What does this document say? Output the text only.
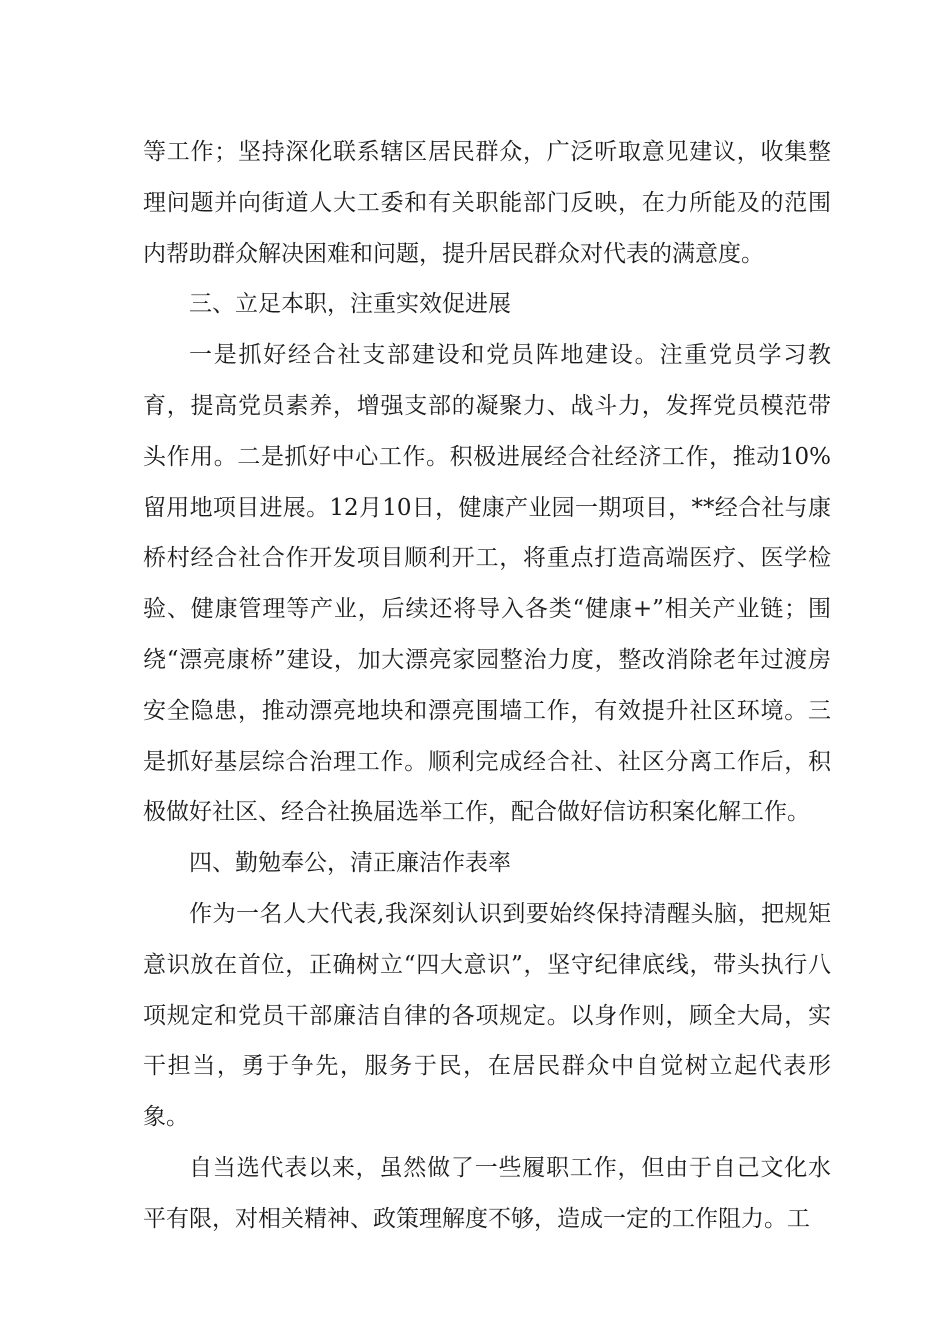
等工作；坚持深化联系辖区居民群众，广泛听取意见建议，收集整理问题并向街道人大工委和有关职能部门反映，在力所能及的范围内帮助群众解决困难和问题，提升居民群众对代表的满意度。

三、立足本职，注重实效促进展

一是抓好经合社支部建设和党员阵地建设。注重党员学习教育，提高党员素养，增强支部的凝聚力、战斗力，发挥党员模范带头作用。二是抓好中心工作。积极进展经合社经济工作，推动10%留用地项目进展。12月10日，健康产业园一期项目，**经合社与康桥村经合社合作开发项目顺利开工，将重点打造高端医疗、医学检验、健康管理等产业，后续还将导入各类“健康+”相关产业链；围绕“漂亮康桥”建设，加大漂亮家园整治力度，整改消除老年过渡房安全隐患，推动漂亮地块和漂亮围墙工作，有效提升社区环境。三是抓好基层综合治理工作。顺利完成经合社、社区分离工作后，积极做好社区、经合社换届选举工作，配合做好信访积案化解工作。

四、勤勉奉公，清正廉洁作表率

作为一名人大代表,我深刻认识到要始终保持清醒头脑，把规矩意识放在首位，正确树立“四大意识”，坚守纪律底线，带头执行八项规定和党员干部廉洁自律的各项规定。以身作则，顾全大局，实干担当，勇于争先，服务于民，在居民群众中自觉树立起代表形象。

自当选代表以来，虽然做了一些履职工作，但由于自己文化水平有限，对相关精神、政策理解度不够，造成一定的工作阻力。工
